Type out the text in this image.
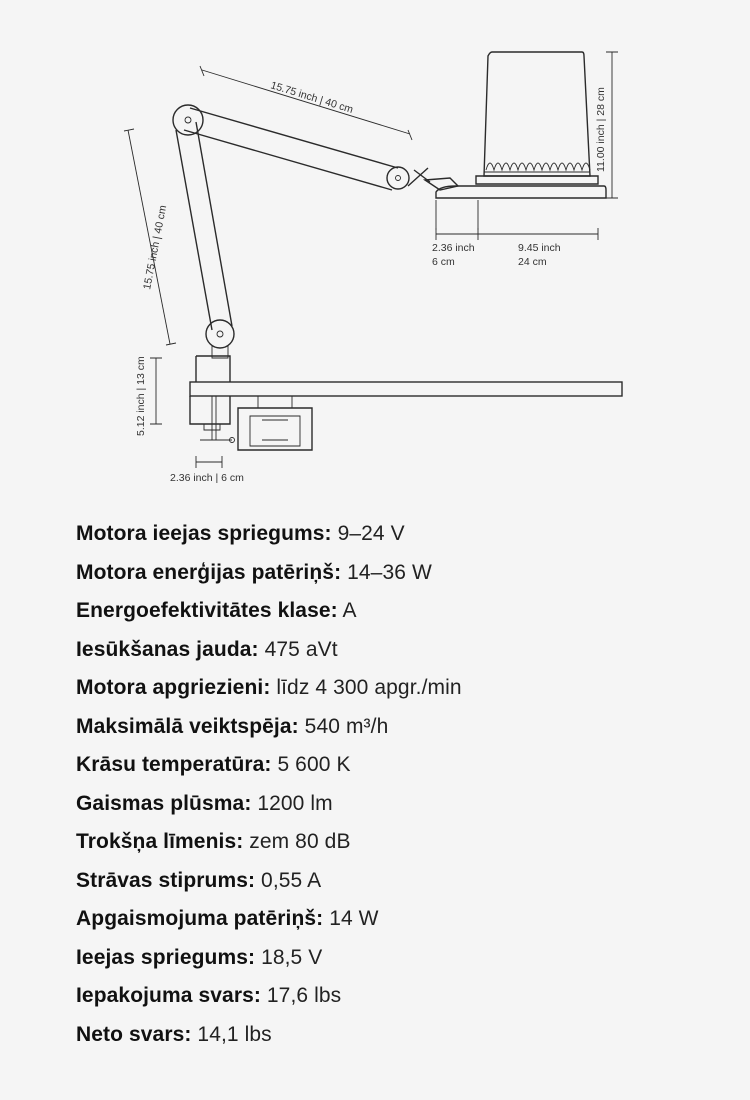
15.75 inch | 40 cm
15.75 inch | 40 cm
11.00 inch | 28 cm
2.36 inch
6 cm
9.45 inch
24 cm
5.12 inch | 13 cm
2.36 inch | 6 cm
Motora ieejas spriegums: 9–24 V
Motora enerģijas patēriņš: 14–36 W
Energoefektivitātes klase: A
Iesūkšanas jauda: 475 aVt
Motora apgriezieni: līdz 4 300 apgr./min
Maksimālā veiktspēja: 540 m³/h
Krāsu temperatūra: 5 600 K
Gaismas plūsma: 1200 lm
Trokšņa līmenis: zem 80 dB
Strāvas stiprums: 0,55 A
Apgaismojuma patēriņš: 14 W
Ieejas spriegums: 18,5 V
Iepakojuma svars: 17,6 lbs
Neto svars: 14,1 lbs
